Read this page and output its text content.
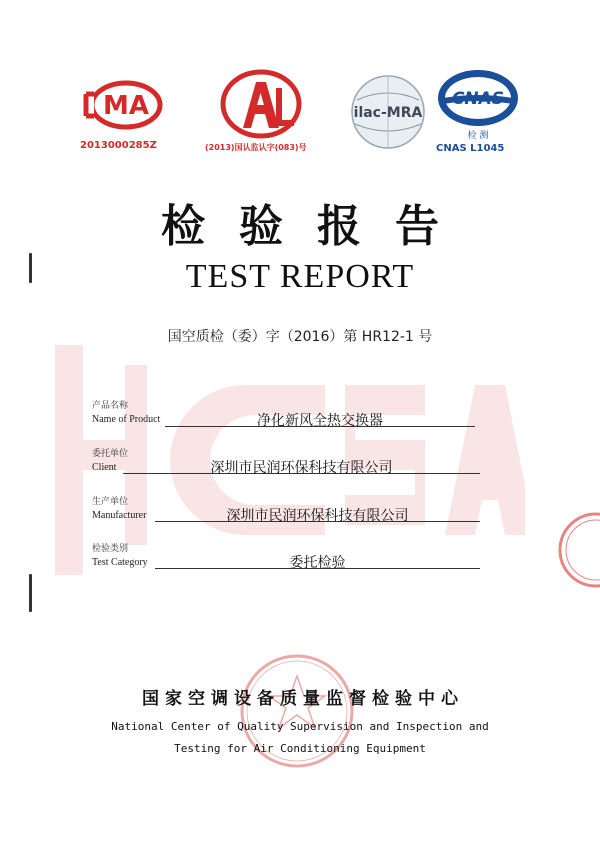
MA
2013000285Z	(2013)国认监认字(083)号
ilac-MRA
CNAS
检 测
CNAS L1045
检验报告
TEST REPORT
国空质检（委）字（2016）第 HR12-1 号
产品名称
Name of Product	净化新风全热交换器
委托单位
Client	深圳市民润环保科技有限公司
生产单位
Manufacturer	深圳市民润环保科技有限公司
检验类别
Test Category	委托检验
国家空调设备质量监督检验中心
National Center of Quality Supervision and Inspection and
Testing for Air Conditioning Equipment
